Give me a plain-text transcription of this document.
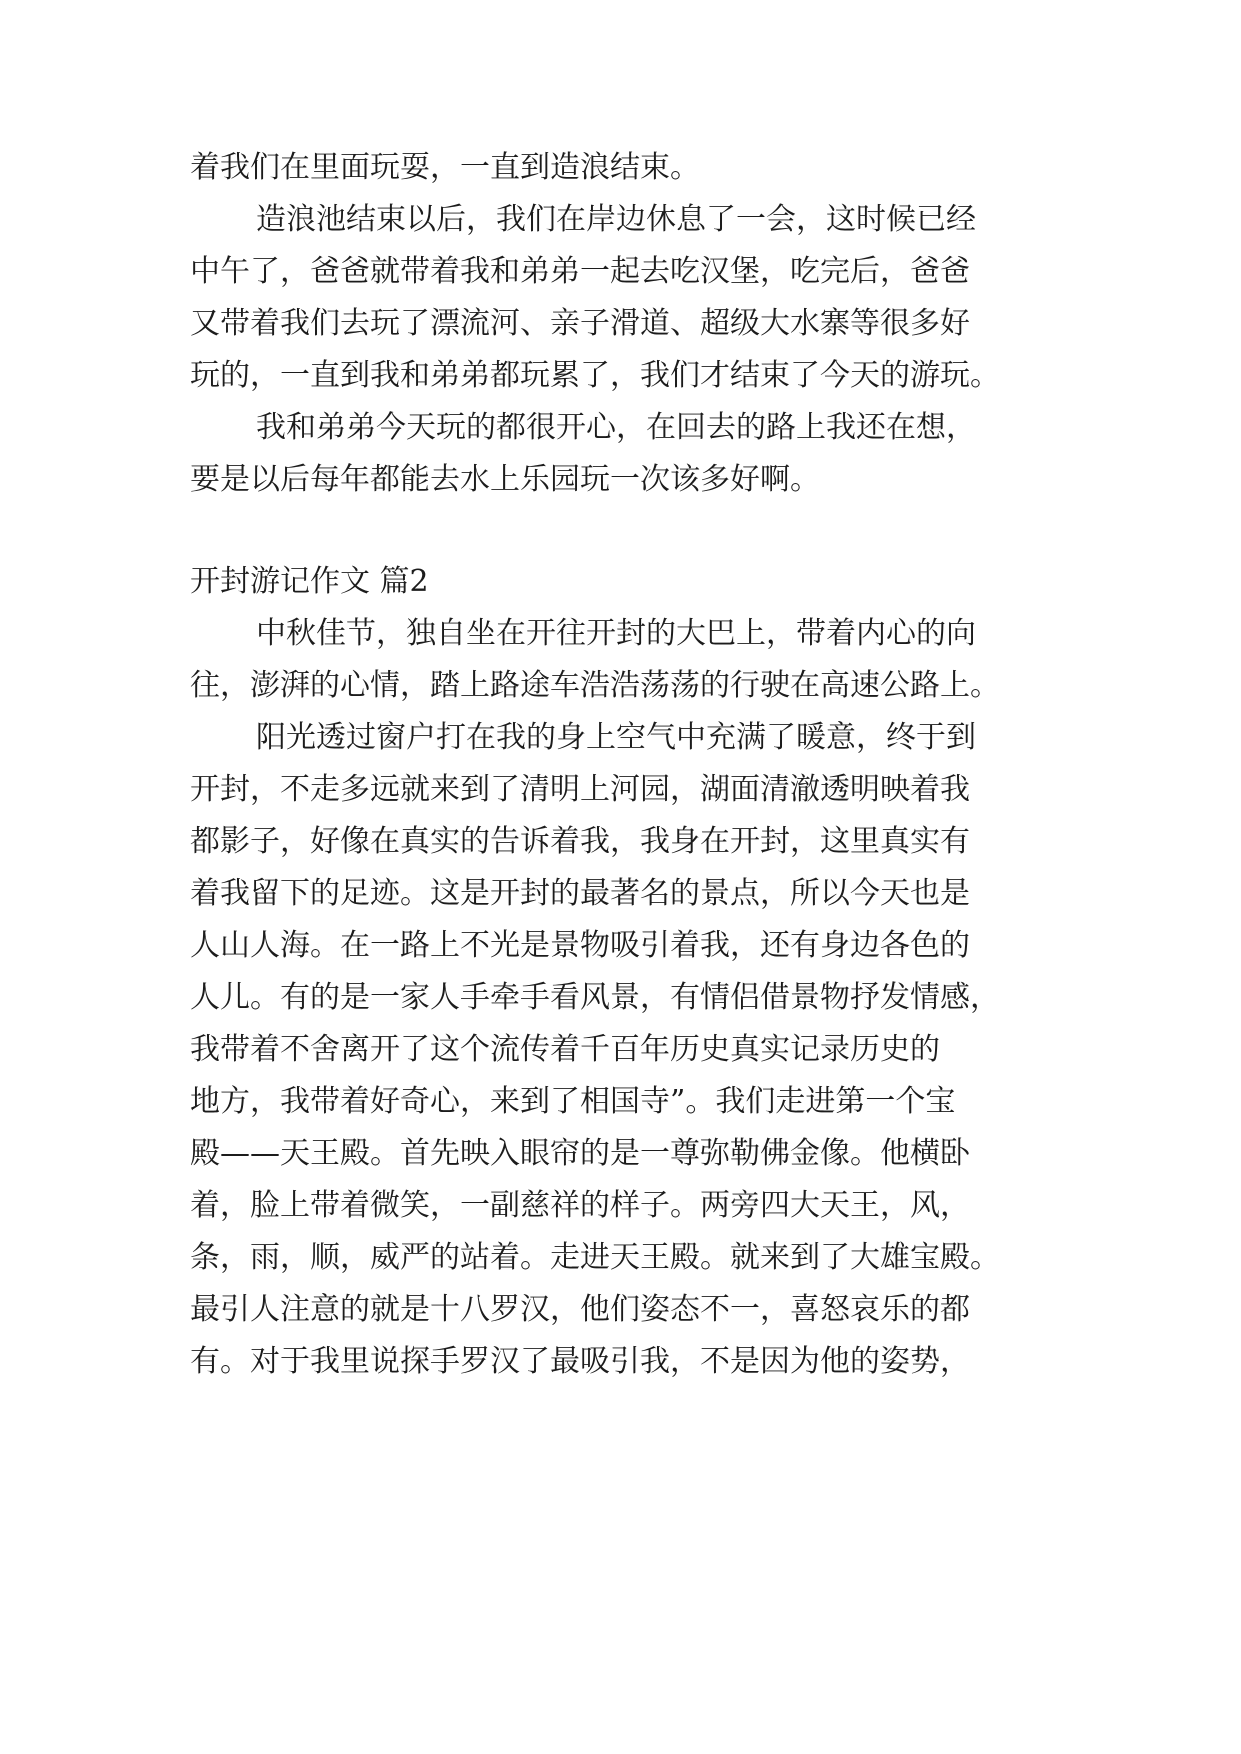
着我们在里面玩耍，一直到造浪结束。
造浪池结束以后，我们在岸边休息了一会，这时候已经
中午了，爸爸就带着我和弟弟一起去吃汉堡，吃完后，爸爸
又带着我们去玩了漂流河、亲子滑道、超级大水寨等很多好
玩的，一直到我和弟弟都玩累了，我们才结束了今天的游玩。
我和弟弟今天玩的都很开心，在回去的路上我还在想，
要是以后每年都能去水上乐园玩一次该多好啊。
开封游记作文 篇2
中秋佳节，独自坐在开往开封的大巴上，带着内心的向
往，澎湃的心情，踏上路途车浩浩荡荡的行驶在高速公路上。
阳光透过窗户打在我的身上空气中充满了暖意，终于到
开封，不走多远就来到了清明上河园，湖面清澈透明映着我
都影子，好像在真实的告诉着我，我身在开封，这里真实有
着我留下的足迹。这是开封的最著名的景点，所以今天也是
人山人海。在一路上不光是景物吸引着我，还有身边各色的
人儿。有的是一家人手牵手看风景，有情侣借景物抒发情感，
我带着不舍离开了这个流传着千百年历史真实记录历史的
地方，我带着好奇心，来到了相国寺”。我们走进第一个宝
殿——天王殿。首先映入眼帘的是一尊弥勒佛金像。他横卧
着，脸上带着微笑，一副慈祥的样子。两旁四大天王，风，
条，雨，顺，威严的站着。走进天王殿。就来到了大雄宝殿。
最引人注意的就是十八罗汉，他们姿态不一，喜怒哀乐的都
有。对于我里说探手罗汉了最吸引我，不是因为他的姿势，
